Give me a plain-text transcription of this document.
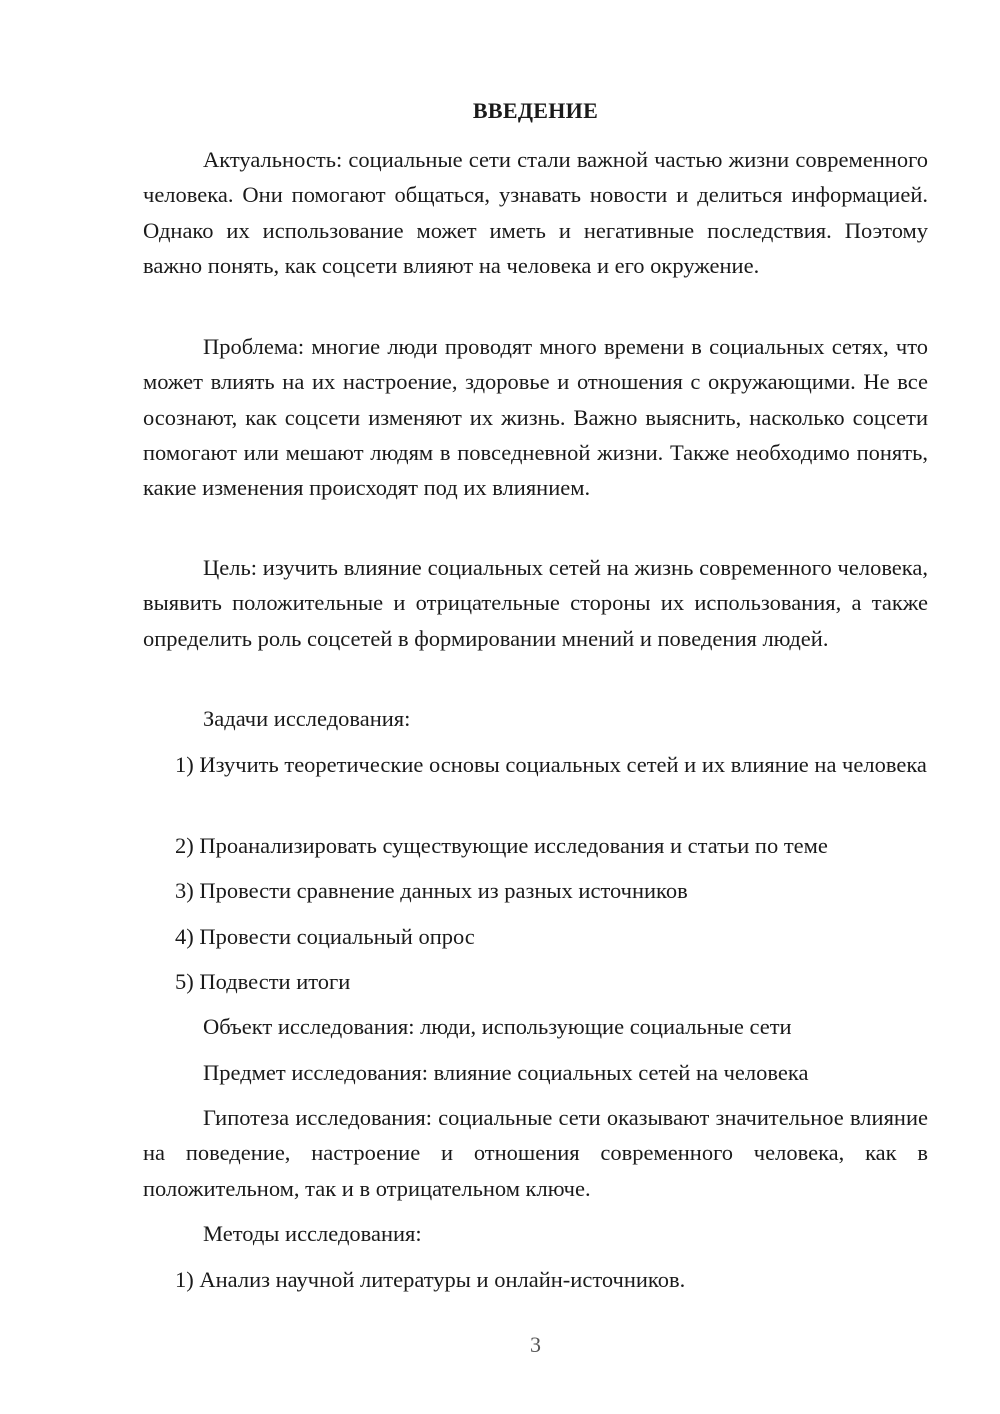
ВВЕДЕНИЕ

Актуальность: социальные сети стали важной частью жизни современного человека. Они помогают общаться, узнавать новости и делиться информацией. Однако их использование может иметь и негативные последствия. Поэтому важно понять, как соцсети влияют на человека и его окружение.

Проблема: многие люди проводят много времени в социальных сетях, что может влиять на их настроение, здоровье и отношения с окружающими. Не все осознают, как соцсети изменяют их жизнь. Важно выяснить, насколько соцсети помогают или мешают людям в повседневной жизни. Также необходимо понять, какие изменения происходят под их влиянием.

Цель: изучить влияние социальных сетей на жизнь современного человека, выявить положительные и отрицательные стороны их использования, а также определить роль соцсетей в формировании мнений и поведения людей.

Задачи исследования:

1) Изучить теоретические основы социальных сетей и их влияние на человека

2) Проанализировать существующие исследования и статьи по теме

3) Провести сравнение данных из разных источников

4) Провести социальный опрос

5) Подвести итоги

Объект исследования: люди, использующие социальные сети

Предмет исследования: влияние социальных сетей на человека

Гипотеза исследования: социальные сети оказывают значительное влияние на поведение, настроение и отношения современного человека, как в положительном, так и в отрицательном ключе.

Методы исследования:

1) Анализ научной литературы и онлайн-источников.

3
